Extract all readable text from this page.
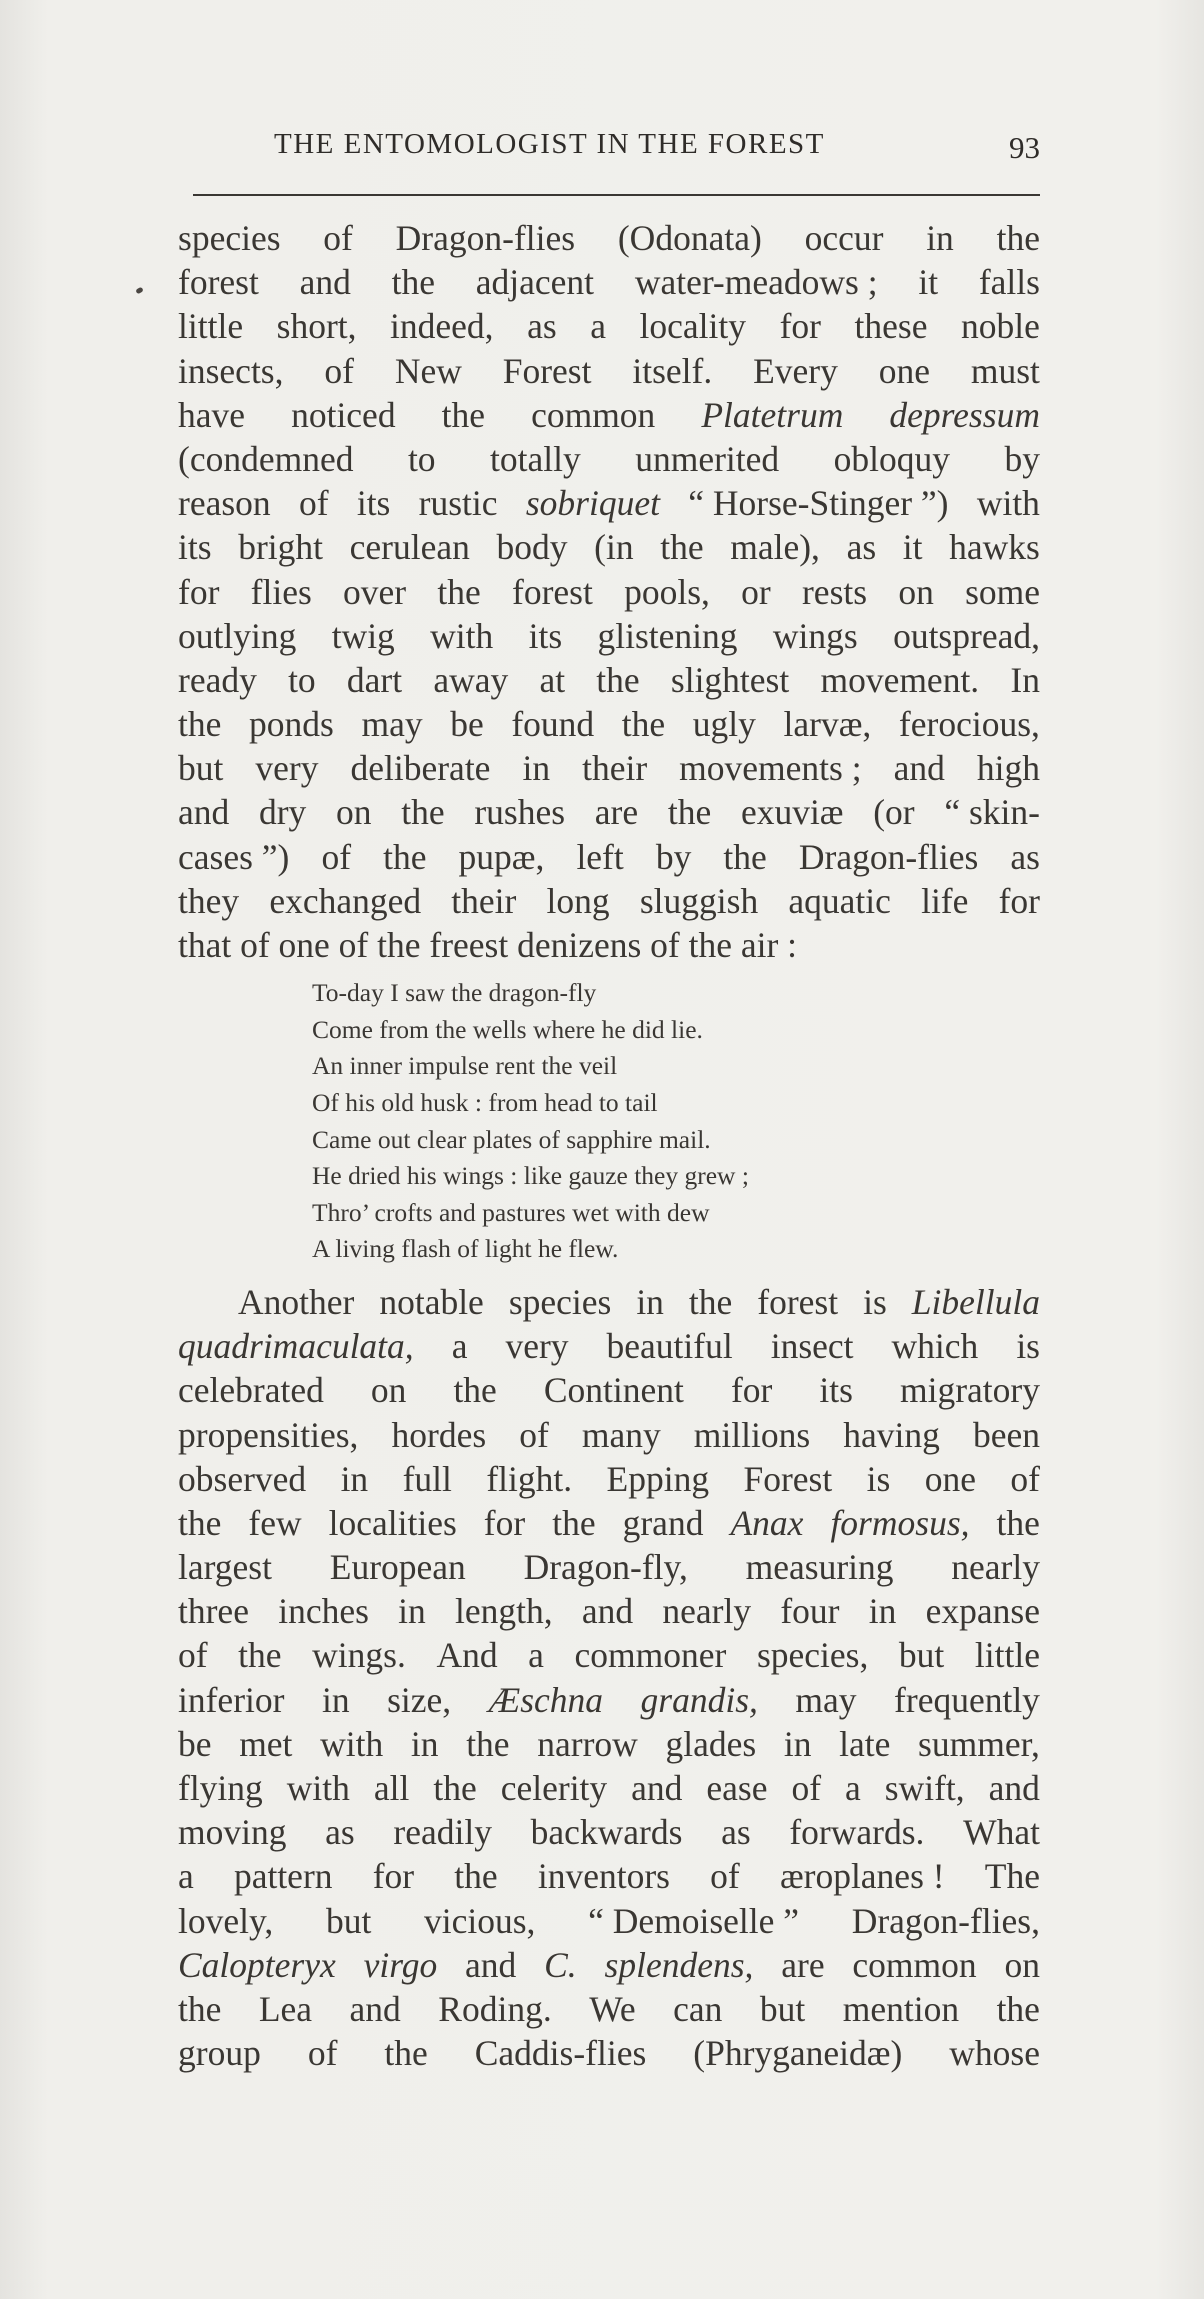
THE ENTOMOLOGIST IN THE FOREST	93
species of Dragon-flies (Odonata) occur in the
forest and the adjacent water-meadows ; it falls
little short, indeed, as a locality for these noble
insects, of New Forest itself. Every one must
have noticed the common Platetrum depressum
(condemned to totally unmerited obloquy by
reason of its rustic sobriquet “ Horse-Stinger ”) with
its bright cerulean body (in the male), as it hawks
for flies over the forest pools, or rests on some
outlying twig with its glistening wings outspread,
ready to dart away at the slightest movement. In
the ponds may be found the ugly larvæ, ferocious,
but very deliberate in their movements ; and high
and dry on the rushes are the exuviæ (or “ skin-
cases ”) of the pupæ, left by the Dragon-flies as
they exchanged their long sluggish aquatic life for
that of one of the freest denizens of the air :
To-day I saw the dragon-fly
Come from the wells where he did lie.
An inner impulse rent the veil
Of his old husk : from head to tail
Came out clear plates of sapphire mail.
He dried his wings : like gauze they grew ;
Thro’ crofts and pastures wet with dew
A living flash of light he flew.
Another notable species in the forest is Libellula
quadrimaculata, a very beautiful insect which is
celebrated on the Continent for its migratory
propensities, hordes of many millions having been
observed in full flight. Epping Forest is one of
the few localities for the grand Anax formosus, the
largest European Dragon-fly, measuring nearly
three inches in length, and nearly four in expanse
of the wings. And a commoner species, but little
inferior in size, Æschna grandis, may frequently
be met with in the narrow glades in late summer,
flying with all the celerity and ease of a swift, and
moving as readily backwards as forwards. What
a pattern for the inventors of æroplanes ! The
lovely, but vicious, “ Demoiselle ” Dragon-flies,
Calopteryx virgo and C. splendens, are common on
the Lea and Roding. We can but mention the
group of the Caddis-flies (Phryganeidæ) whose
